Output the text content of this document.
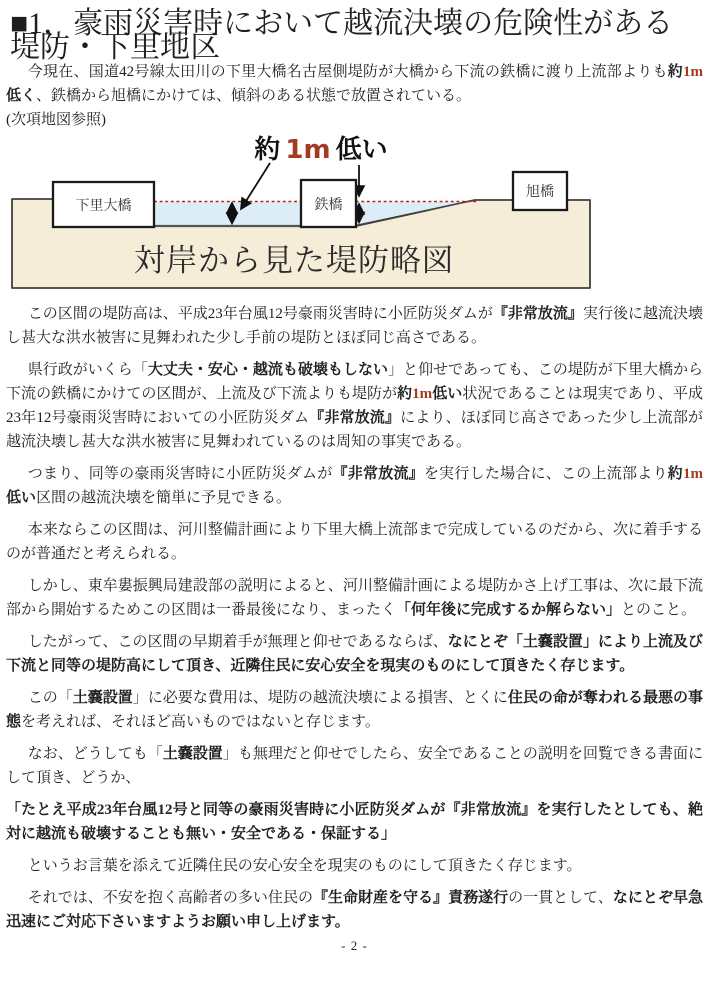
■1．豪雨災害時において越流決壊の危険性がある堤防・下里地区

今現在、国道42号線太田川の下里大橋名古屋側堤防が大橋から下流の鉄橋に渡り上流部よりも約1m低く、鉄橋から旭橋にかけては、傾斜のある状態で放置されている。

(次項地図参照)

約 1m 低い
下里大橋	鉄橋
旭橋
対岸から見た堤防略図

この区間の堤防高は、平成23年台風12号豪雨災害時に小匠防災ダムが『非常放流』実行後に越流決壊し甚大な洪水被害に見舞われた少し手前の堤防とほぼ同じ高さである。

県行政がいくら「大丈夫・安心・越流も破壊もしない」と仰せであっても、この堤防が下里大橋から下流の鉄橋にかけての区間が、上流及び下流よりも堤防が約1m低い状況であることは現実であり、平成23年12号豪雨災害時においての小匠防災ダム『非常放流』により、ほぼ同じ高さであった少し上流部が越流決壊し甚大な洪水被害に見舞われているのは周知の事実である。

つまり、同等の豪雨災害時に小匠防災ダムが『非常放流』を実行した場合に、この上流部より約1m低い区間の越流決壊を簡単に予見できる。

本来ならこの区間は、河川整備計画により下里大橋上流部まで完成しているのだから、次に着手するのが普通だと考えられる。

しかし、東牟婁振興局建設部の説明によると、河川整備計画による堤防かさ上げ工事は、次に最下流部から開始するためこの区間は一番最後になり、まったく「何年後に完成するか解らない」とのこと。

したがって、この区間の早期着手が無理と仰せであるならば、なにとぞ「土嚢設置」により上流及び下流と同等の堤防高にして頂き、近隣住民に安心安全を現実のものにして頂きたく存じます。

この「土嚢設置」に必要な費用は、堤防の越流決壊による損害、とくに住民の命が奪われる最悪の事態を考えれば、それほど高いものではないと存じます。

なお、どうしても「土嚢設置」も無理だと仰せでしたら、安全であることの説明を回覧できる書面にして頂き、どうか、

「たとえ平成23年台風12号と同等の豪雨災害時に小匠防災ダムが『非常放流』を実行したとしても、絶対に越流も破壊することも無い・安全である・保証する」

というお言葉を添えて近隣住民の安心安全を現実のものにして頂きたく存じます。

それでは、不安を抱く高齢者の多い住民の『生命財産を守る』責務遂行の一貫として、なにとぞ早急迅速にご対応下さいますようお願い申し上げます。

- 2 -
